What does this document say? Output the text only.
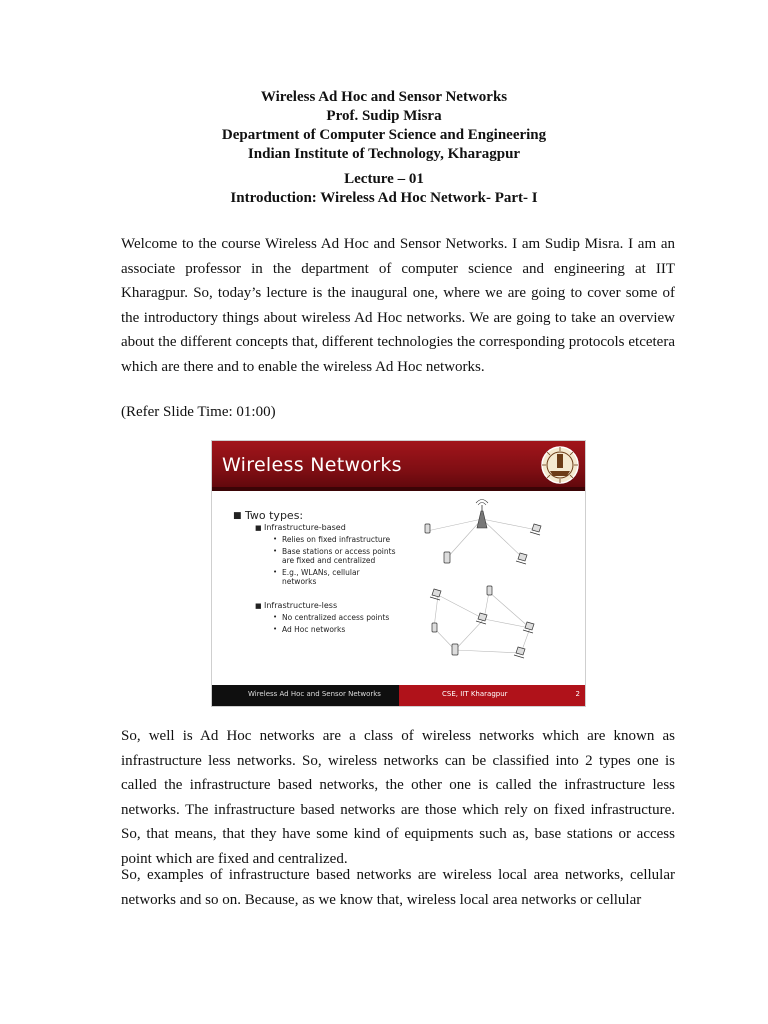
Wireless Ad Hoc and Sensor Networks
Prof. Sudip Misra
Department of Computer Science and Engineering
Indian Institute of Technology, Kharagpur
Lecture – 01
Introduction: Wireless Ad Hoc Network- Part- I

Welcome to the course Wireless Ad Hoc and Sensor Networks. I am Sudip Misra. I am an associate professor in the department of computer science and engineering at IIT Kharagpur. So, today’s lecture is the inaugural one, where we are going to cover some of the introductory things about wireless Ad Hoc networks. We are going to take an overview about the different concepts that, different technologies the corresponding protocols etcetera which are there and to enable the wireless Ad Hoc networks.

(Refer Slide Time: 01:00)

Wireless Networks
■ Two types:
■ Infrastructure-based
• Relies on fixed infrastructure
• Base stations or access points
are fixed and centralized
• E.g., WLANs, cellular
networks
■ Infrastructure-less
• No centralized access points
• Ad Hoc networks
Wireless Ad Hoc and Sensor Networks	CSE, IIT Kharagpur	2

So, well is Ad Hoc networks are a class of wireless networks which are known as infrastructure less networks. So, wireless networks can be classified into 2 types one is called the infrastructure based networks, the other one is called the infrastructure less networks. The infrastructure based networks are those which rely on fixed infrastructure. So, that means, that they have some kind of equipments such as, base stations or access point which are fixed and centralized.

So, examples of infrastructure based networks are wireless local area networks, cellular networks and so on. Because, as we know that, wireless local area networks or cellular
